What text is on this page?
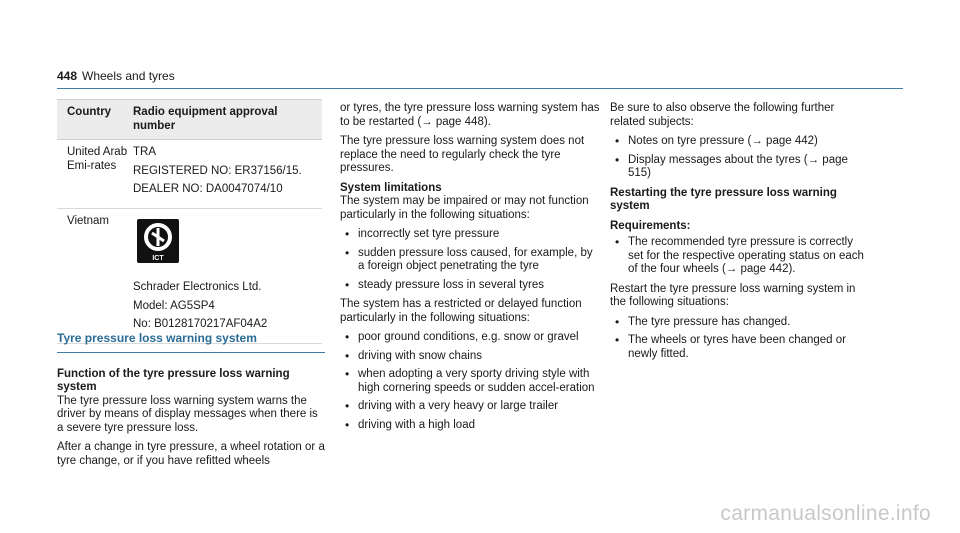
448 Wheels and tyres
Country	Radio equipment approval number
United Arab Emi-rates
TRA
REGISTERED NO: ER37156/15.
DEALER NO: DA0047074/10
Vietnam
ICT
Schrader Electronics Ltd.
Model: AG5SP4
No: B0128170217AF04A2
Tyre pressure loss warning system
Function of the tyre pressure loss warning system

The tyre pressure loss warning system warns the driver by means of display messages when there is a severe tyre pressure loss.

After a change in tyre pressure, a wheel rotation or a tyre change, or if you have refitted wheels

or tyres, the tyre pressure loss warning system has to be restarted (→ page 448).

The tyre pressure loss warning system does not replace the need to regularly check the tyre pressures.

System limitations

The system may be impaired or may not function particularly in the following situations:

• incorrectly set tyre pressure
• sudden pressure loss caused, for example, by a foreign object penetrating the tyre
• steady pressure loss in several tyres

The system has a restricted or delayed function particularly in the following situations:

• poor ground conditions, e.g. snow or gravel
• driving with snow chains
• when adopting a very sporty driving style with high cornering speeds or sudden accel-eration
• driving with a very heavy or large trailer
• driving with a high load

Be sure to also observe the following further related subjects:

• Notes on tyre pressure (→ page 442)
• Display messages about the tyres (→ page 515)
Restarting the tyre pressure loss warning system
Requirements:
• The recommended tyre pressure is correctly set for the respective operating status on each of the four wheels (→ page 442).

Restart the tyre pressure loss warning system in the following situations:

• The tyre pressure has changed.
• The wheels or tyres have been changed or newly fitted.
carmanualsonline.info
